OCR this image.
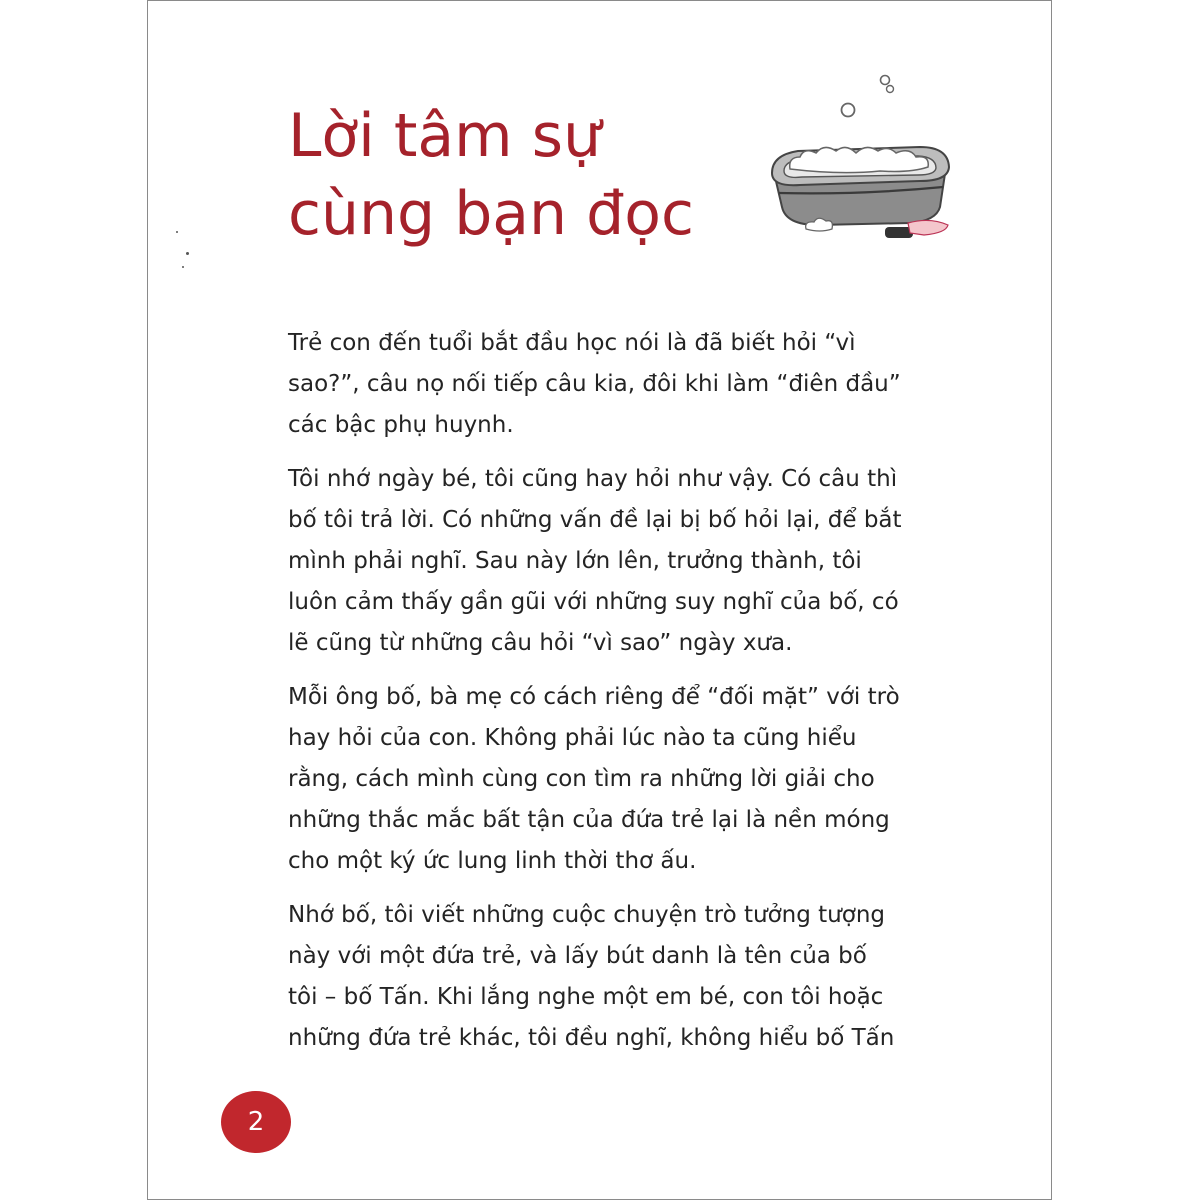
Lời tâm sự
cùng bạn đọc

Trẻ con đến tuổi bắt đầu học nói là đã biết hỏi “vì
sao?”, câu nọ nối tiếp câu kia, đôi khi làm “điên đầu”
các bậc phụ huynh.

Tôi nhớ ngày bé, tôi cũng hay hỏi như vậy. Có câu thì
bố tôi trả lời. Có những vấn đề lại bị bố hỏi lại, để bắt
mình phải nghĩ. Sau này lớn lên, trưởng thành, tôi
luôn cảm thấy gần gũi với những suy nghĩ của bố, có
lẽ cũng từ những câu hỏi “vì sao” ngày xưa.

Mỗi ông bố, bà mẹ có cách riêng để “đối mặt” với trò
hay hỏi của con. Không phải lúc nào ta cũng hiểu
rằng, cách mình cùng con tìm ra những lời giải cho
những thắc mắc bất tận của đứa trẻ lại là nền móng
cho một ký ức lung linh thời thơ ấu.

Nhớ bố, tôi viết những cuộc chuyện trò tưởng tượng
này với một đứa trẻ, và lấy bút danh là tên của bố
tôi – bố Tấn. Khi lắng nghe một em bé, con tôi hoặc
những đứa trẻ khác, tôi đều nghĩ, không hiểu bố Tấn

2
